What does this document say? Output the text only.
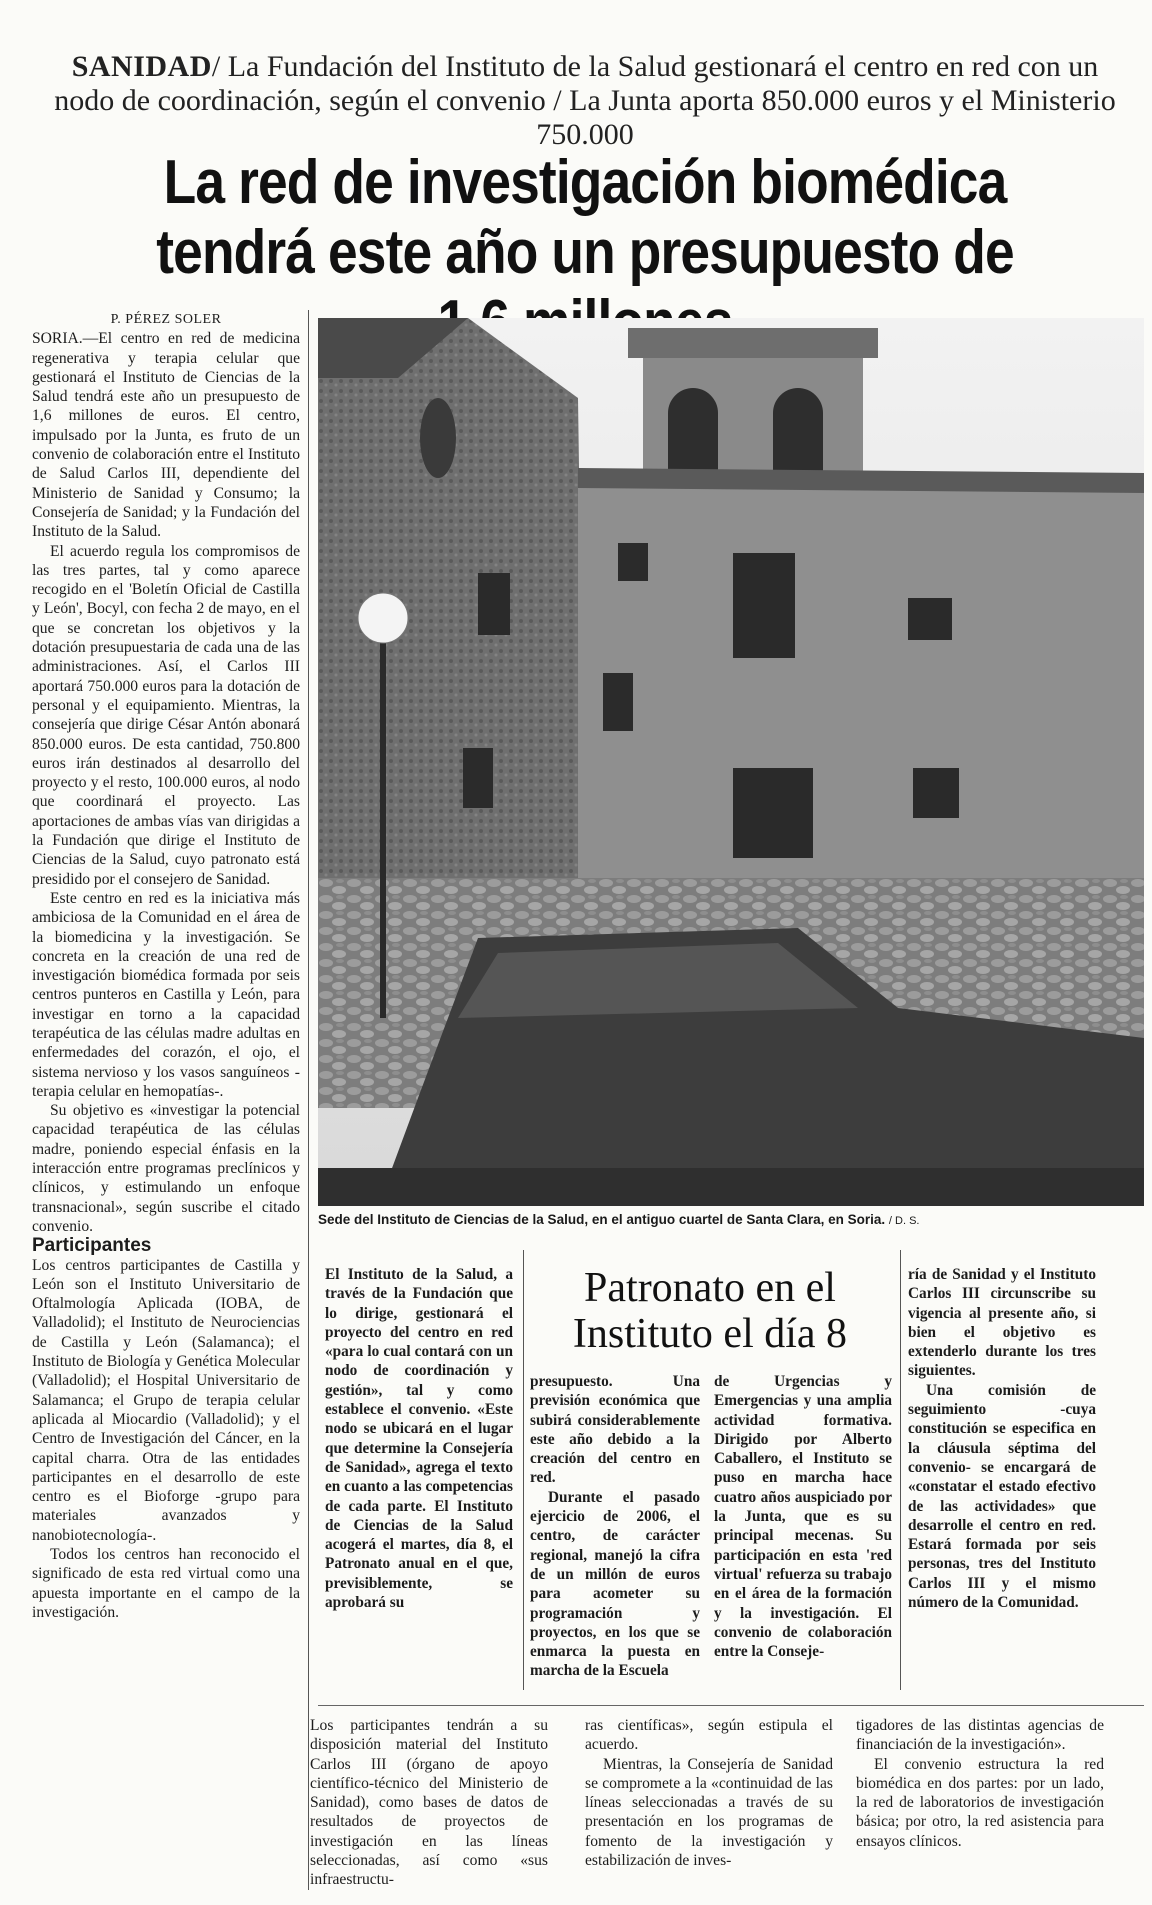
SANIDAD/ La Fundación del Instituto de la Salud gestionará el centro en red con un nodo de coordinación, según el convenio / La Junta aporta 850.000 euros y el Ministerio 750.000
La red de investigación biomédica tendrá este año un presupuesto de

P. PÉREZ SOLER

SORIA.—El centro en red de medicina regenerativa y terapia celular que gestionará el Instituto de Ciencias de la Salud tendrá este año un presupuesto de 1,6 millones de euros. El centro, impulsado por la Junta, es fruto de un convenio de colaboración entre el Instituto de Salud Carlos III, dependiente del Ministerio de Sanidad y Consumo; la Consejería de Sanidad; y la Fundación del Instituto de la Salud.

El acuerdo regula los compromisos de las tres partes, tal y como aparece recogido en el 'Boletín Oficial de Castilla y León', Bocyl, con fecha 2 de mayo, en el que se concretan los objetivos y la dotación presupuestaria de cada una de las administraciones. Así, el Carlos III aportará 750.000 euros para la dotación de personal y el equipamiento. Mientras, la consejería que dirige César Antón abonará 850.000 euros. De esta cantidad, 750.800 euros irán destinados al desarrollo del proyecto y el resto, 100.000 euros, al nodo que coordinará el proyecto. Las aportaciones de ambas vías van dirigidas a la Fundación que dirige el Instituto de Ciencias de la Salud, cuyo patronato está presidido por el consejero de Sanidad.

Este centro en red es la iniciativa más ambiciosa de la Comunidad en el área de la biomedicina y la investigación. Se concreta en la creación de una red de investigación biomédica formada por seis centros punteros en Castilla y León, para investigar en torno a la capacidad terapéutica de las células madre adultas en enfermedades del corazón, el ojo, el sistema nervioso y los vasos sanguíneos -terapia celular en hemopatías-.

Su objetivo es «investigar la potencial capacidad terapéutica de las células madre, poniendo especial énfasis en la interacción entre programas preclínicos y clínicos, y estimulando un enfoque transnacional», según suscribe el citado convenio.

Participantes

Los centros participantes de Castilla y León son el Instituto Universitario de Oftalmología Aplicada (IOBA, de Valladolid); el Instituto de Neurociencias de Castilla y León (Salamanca); el Instituto de Biología y Genética Molecular (Valladolid); el Hospital Universitario de Salamanca; el Grupo de terapia celular aplicada al Miocardio (Valladolid); y el Centro de Investigación del Cáncer, en la capital charra. Otra de las entidades participantes en el desarrollo de este centro es el Bioforge -grupo para materiales avanzados y nanobiotecnología-.

Todos los centros han reconocido el significado de esta red virtual como una apuesta importante en el campo de la investigación.

Sede del Instituto de Ciencias de la Salud, en el antiguo cuartel de Santa Clara, en Soria. / D. S.
Patronato en el Instituto el día 8

El Instituto de la Salud, a través de la Fundación que lo dirige, gestionará el proyecto del centro en red «para lo cual contará con un nodo de coordinación y gestión», tal y como establece el convenio. «Este nodo se ubicará en el lugar que determine la Consejería de Sanidad», agrega el texto en cuanto a las competencias de cada parte. El Instituto de Ciencias de la Salud acogerá el martes, día 8, el Patronato anual en el que, previsiblemente, se aprobará su

presupuesto. Una previsión económica que subirá considerablemente este año debido a la creación del centro en red.

Durante el pasado ejercicio de 2006, el centro, de carácter regional, manejó la cifra de un millón de euros para acometer su programación y proyectos, en los que se enmarca la puesta en marcha de la Escuela

de Urgencias y Emergencias y una amplia actividad formativa. Dirigido por Alberto Caballero, el Instituto se puso en marcha hace cuatro años auspiciado por la Junta, que es su principal mecenas. Su participación en esta 'red virtual' refuerza su trabajo en el área de la formación y la investigación. El convenio de colaboración entre la Conseje-

ría de Sanidad y el Instituto Carlos III circunscribe su vigencia al presente año, si bien el objetivo es extenderlo durante los tres siguientes.

Una comisión de seguimiento -cuya constitución se especifica en la cláusula séptima del convenio- se encargará de «constatar el estado efectivo de las actividades» que desarrolle el centro en red. Estará formada por seis personas, tres del Instituto Carlos III y el mismo número de la Comunidad.

Los participantes tendrán a su disposición material del Instituto Carlos III (órgano de apoyo científico-técnico del Ministerio de Sanidad), como bases de datos de resultados de proyectos de investigación en las líneas seleccionadas, así como «sus infraestructu-

ras científicas», según estipula el acuerdo.

Mientras, la Consejería de Sanidad se compromete a la «continuidad de las líneas seleccionadas a través de su presentación en los programas de fomento de la investigación y estabilización de inves-

tigadores de las distintas agencias de financiación de la investigación».

El convenio estructura la red biomédica en dos partes: por un lado, la red de laboratorios de investigación básica; por otro, la red asistencia para ensayos clínicos.
